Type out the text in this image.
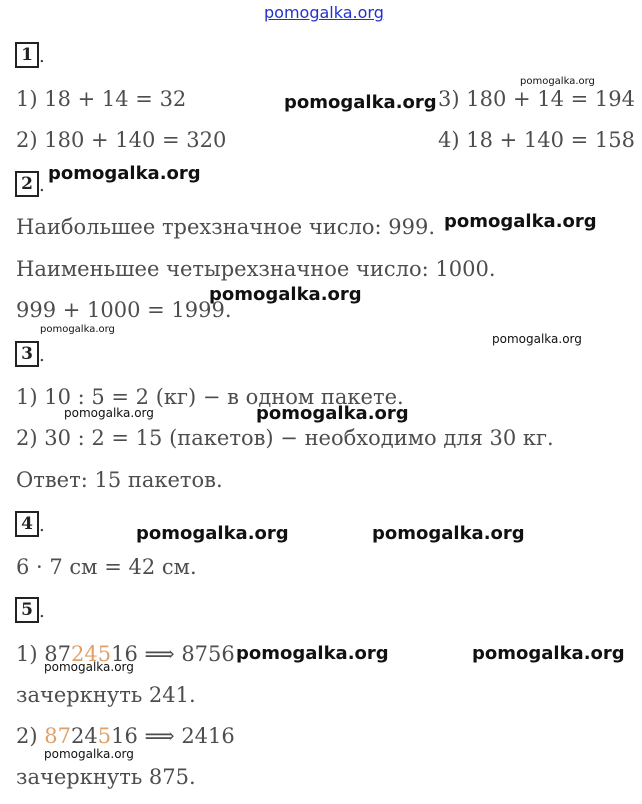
pomogalka.org
1 .
1) 18 + 14 = 32
2) 180 + 140 = 320
3) 180 + 14 = 194
4) 18 + 140 = 158
2 .
Наибольшее трехзначное число: 999.
Наименьшее четырехзначное число: 1000.
999 + 1000 = 1999.
3 .
1) 10 : 5 = 2 (кг) − в одном пакете.
2) 30 : 2 = 15 (пакетов) − необходимо для 30 кг.
Ответ: 15 пакетов.
4 .
6 · 7 см = 42 см.
5 .
1) 8724516 ⟹ 8756
зачеркнуть 241.
2) 8724516 ⟹ 2416
зачеркнуть 875.
pomogalka.org
pomogalka.org
pomogalka.org
pomogalka.org
pomogalka.org
pomogalka.org
pomogalka.org
pomogalka.org	pomogalka.org
pomogalka.org	pomogalka.org
pomogalka.org	pomogalka.org
pomogalka.org
pomogalka.org
